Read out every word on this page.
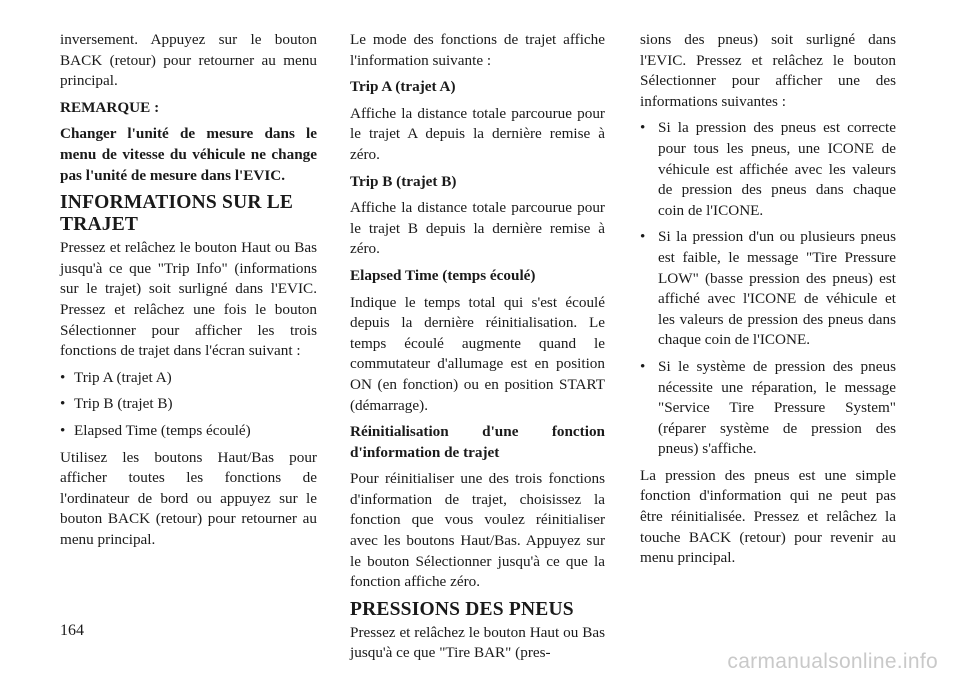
inversement. Appuyez sur le bouton BACK (retour) pour retourner au menu principal.

REMARQUE :

Changer l'unité de mesure dans le menu de vitesse du véhicule ne change pas l'unité de mesure dans l'EVIC.

INFORMATIONS SUR LE TRAJET

Pressez et relâchez le bouton Haut ou Bas jusqu'à ce que "Trip Info" (informations sur le trajet) soit surligné dans l'EVIC. Pressez et relâchez une fois le bouton Sélectionner pour afficher les trois fonctions de trajet dans l'écran suivant :

• Trip A (trajet A)
• Trip B (trajet B)
• Elapsed Time (temps écoulé)

Utilisez les boutons Haut/Bas pour afficher toutes les fonctions de l'ordinateur de bord ou appuyez sur le bouton BACK (retour) pour retourner au menu principal.

Le mode des fonctions de trajet affiche l'information suivante :

Trip A (trajet A)

Affiche la distance totale parcourue pour le trajet A depuis la dernière remise à zéro.

Trip B (trajet B)

Affiche la distance totale parcourue pour le trajet B depuis la dernière remise à zéro.

Elapsed Time (temps écoulé)

Indique le temps total qui s'est écoulé depuis la dernière réinitialisation. Le temps écoulé augmente quand le commutateur d'allumage est en position ON (en fonction) ou en position START (démarrage).

Réinitialisation d'une fonction d'information de trajet

Pour réinitialiser une des trois fonctions d'information de trajet, choisissez la fonction que vous voulez réinitialiser avec les boutons Haut/Bas. Appuyez sur le bouton Sélectionner jusqu'à ce que la fonction affiche zéro.

PRESSIONS DES PNEUS

Pressez et relâchez le bouton Haut ou Bas jusqu'à ce que "Tire BAR" (pres-

sions des pneus) soit surligné dans l'EVIC. Pressez et relâchez le bouton Sélectionner pour afficher une des informations suivantes :

• Si la pression des pneus est correcte pour tous les pneus, une ICONE de véhicule est affichée avec les valeurs de pression des pneus dans chaque coin de l'ICONE.
• Si la pression d'un ou plusieurs pneus est faible, le message "Tire Pressure LOW" (basse pression des pneus) est affiché avec l'ICONE de véhicule et les valeurs de pression des pneus dans chaque coin de l'ICONE.
• Si le système de pression des pneus nécessite une réparation, le message "Service Tire Pressure System" (réparer système de pression des pneus) s'affiche.

La pression des pneus est une simple fonction d'information qui ne peut pas être réinitialisée. Pressez et relâchez la touche BACK (retour) pour revenir au menu principal.

164
carmanualsonline.info
